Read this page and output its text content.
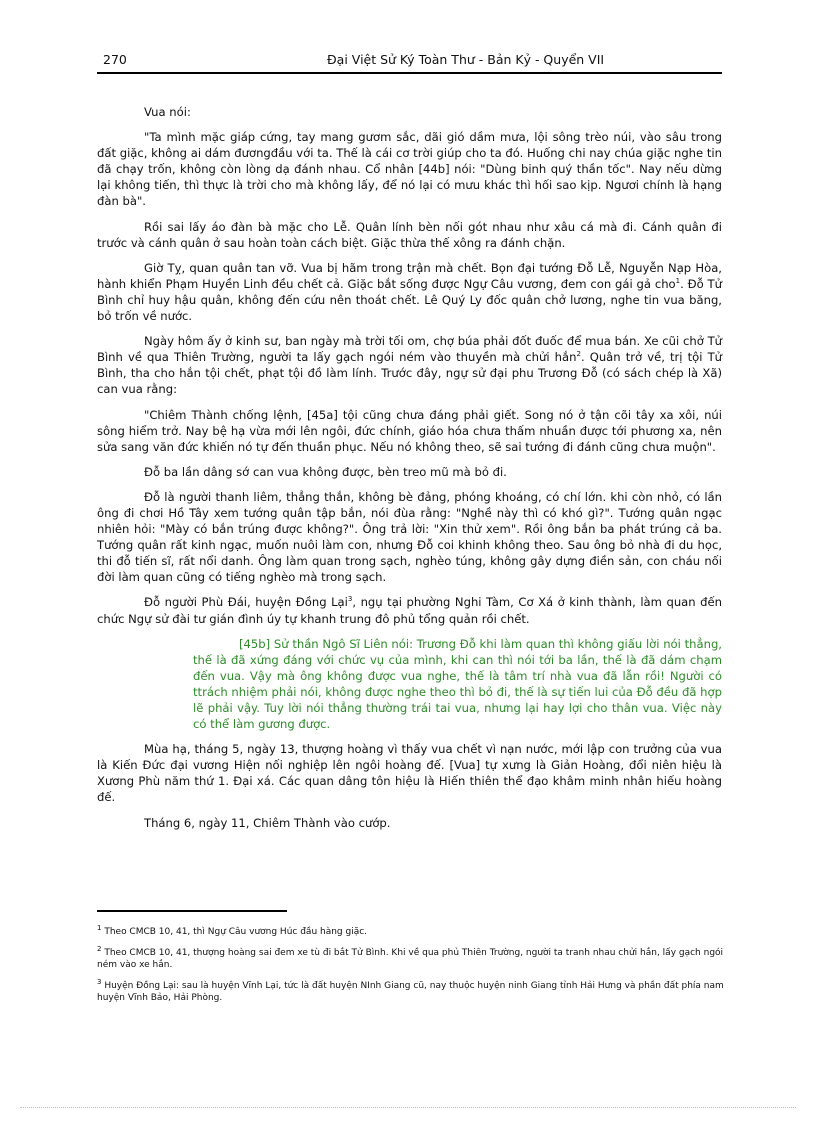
270	Đại Việt Sử Ký Toàn Thư - Bản Kỷ - Quyển VII

Vua nói:

"Ta mình mặc giáp cứng, tay mang gươm sắc, dãi gió dầm mưa, lội sông trèo núi, vào sâu trong đất giặc, không ai dám đươngđầu với ta. Thế là cái cơ trời giúp cho ta đó. Huống chi nay chúa giặc nghe tin đã chạy trốn, không còn lòng dạ đánh nhau. Cổ nhân [44b] nói: "Dùng binh quý thần tốc". Nay nếu dừng lại không tiến, thì thực là trời cho mà không lấy, để nó lại có mưu khác thì hối sao kịp. Ngươi chính là hạng đàn bà".

Rồi sai lấy áo đàn bà mặc cho Lễ. Quân lính bèn nối gót nhau như xâu cá mà đi. Cánh quân đi trước và cánh quân ở sau hoàn toàn cách biệt. Giặc thừa thế xông ra đánh chặn.

Giờ Tỵ, quan quân tan vỡ. Vua bị hãm trong trận mà chết. Bọn đại tướng Đỗ Lễ, Nguyễn Nạp Hòa, hành khiển Phạm Huyền Linh đều chết cả. Giặc bắt sống được Ngự Câu vương, đem con gái gả cho$^1$. Đỗ Tử Bình chỉ huy hậu quân, không đến cứu nên thoát chết. Lê Quý Ly đốc quân chở lương, nghe tin vua băng, bỏ trốn về nước.

Ngày hôm ấy ở kinh sư, ban ngày mà trời tối om, chợ búa phải đốt đuốc để mua bán. Xe cũi chở Tử Bình về qua Thiên Trường, người ta lấy gạch ngói ném vào thuyền mà chửi hắn$^2$. Quân trở về, trị tội Tử Bình, tha cho hắn tội chết, phạt tội đồ làm lính. Trước đây, ngự sử đại phu Trương Đỗ (có sách chép là Xã) can vua rằng:

"Chiêm Thành chống lệnh, [45a] tội cũng chưa đáng phải giết. Song nó ở tận cõi tây xa xôi, núi sông hiểm trở. Nay bệ hạ vừa mới lên ngôi, đức chính, giáo hóa chưa thấm nhuần được tới phương xa, nên sửa sang văn đức khiến nó tự đến thuần phục. Nếu nó không theo, sẽ sai tướng đi đánh cũng chưa muộn".

Đỗ ba lần dâng sớ can vua không được, bèn treo mũ mà bỏ đi.

Đỗ là người thanh liêm, thẳng thắn, không bè đảng, phóng khoáng, có chí lớn. khi còn nhỏ, có lần ông đi chơi Hồ Tây xem tướng quân tập bắn, nói đùa rằng: "Nghề này thì có khó gì?". Tướng quân ngạc nhiên hỏi: "Mày có bắn trúng được không?". Ông trả lời: "Xin thử xem". Rồi ông bắn ba phát trúng cả ba. Tướng quân rất kinh ngạc, muốn nuôi làm con, nhưng Đỗ coi khinh không theo. Sau ông bỏ nhà đi du học, thi đỗ tiến sĩ, rất nổi danh. Ông làm quan trong sạch, nghèo túng, không gây dựng điền sản, con cháu nối đời làm quan cũng có tiếng nghèo mà trong sạch.

Đỗ người Phù Đái, huyện Đồng Lại$^3$, ngụ tại phường Nghi Tàm, Cơ Xá ở kinh thành, làm quan đến chức Ngự sử đài tư gián đình úy tự khanh trung đô phủ tổng quản rồi chết.

[45b] Sử thần Ngô Sĩ Liên nói: Trương Đỗ khi làm quan thì không giấu lời nói thẳng, thế là đã xứng đáng với chức vụ của mình, khi can thì nói tới ba lần, thế là đã dám chạm đến vua. Vậy mà ông không được vua nghe, thế là tâm trí nhà vua đã lẫn rồi! Người có ttrách nhiệm phải nói, không được nghe theo thì bỏ đi, thế là sự tiến lui của Đỗ đều đã hợp lẽ phải vậy. Tuy lời nói thẳng thường trái tai vua, nhưng lại hay lợi cho thân vua. Việc này có thể làm gương được.

Mùa hạ, tháng 5, ngày 13, thượng hoàng vì thấy vua chết vì nạn nước, mới lập con trưởng của vua là Kiến Đức đại vương Hiện nối nghiệp lên ngôi hoàng đế. [Vua] tự xưng là Giản Hoàng, đổi niên hiệu là Xương Phù năm thứ 1. Đại xá. Các quan dâng tôn hiệu là Hiến thiên thể đạo khâm minh nhân hiếu hoàng đế.

Tháng 6, ngày 11, Chiêm Thành vào cướp.

$^1$ Theo CMCB 10, 41, thì Ngự Câu vương Húc đầu hàng giặc.

$^2$ Theo CMCB 10, 41, thượng hoàng sai đem xe tù đi bắt Tử Bình. Khi về qua phủ Thiên Trường, người ta tranh nhau chửi hắn, lấy gạch ngói ném vào xe hắn.

$^3$ Huyện Đồng Lại: sau là huyện Vĩnh Lại, tức là đất huyện NInh Giang cũ, nay thuộc huyện ninh Giang tỉnh Hải Hưng và phần đất phía nam huyện Vĩnh Bảo, Hải Phòng.
